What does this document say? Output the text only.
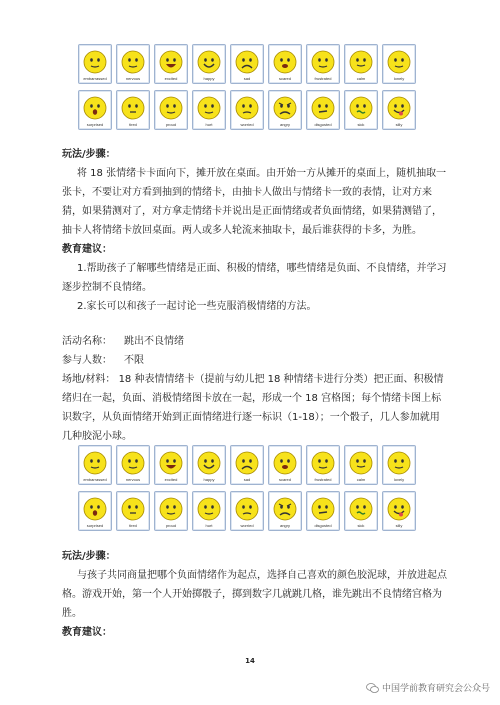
embarrassed	nervous	excited	happy	sad	scared	frustrated	calm	lonely
surprised	tired	proud	hurt	worried	angry	disgusted	sick	silly
玩法/步骤：
将 18 张情绪卡卡面向下，摊开放在桌面。由开始一方从摊开的桌面上，随机抽取一张卡，不要让对方看到抽到的情绪卡，由抽卡人做出与情绪卡一致的表情，让对方来猜，如果猜测对了，对方拿走情绪卡并说出是正面情绪或者负面情绪，如果猜测错了，抽卡人将情绪卡放回桌面。两人或多人轮流来抽取卡，最后谁获得的卡多，为胜。
教育建议：
1.帮助孩子了解哪些情绪是正面、积极的情绪，哪些情绪是负面、不良情绪，并学习逐步控制不良情绪。
2.家长可以和孩子一起讨论一些克服消极情绪的方法。
活动名称：	跳出不良情绪
参与人数：	不限
场地/材料： 18 种表情情绪卡（提前与幼儿把 18 种情绪卡进行分类）把正面、积极情绪归在一起，负面、消极情绪图卡放在一起，形成一个 18 宫格图；每个情绪卡图上标识数字，从负面情绪开始到正面情绪进行逐一标识（1-18）；一个骰子，几人参加就用几种胶泥小球。
embarrassed	nervous	excited	happy	sad	scared	frustrated	calm	lovely
surprised	tired	proud	hurt	worried	angry	disgusted	sick	silly
玩法/步骤：
与孩子共同商量把哪个负面情绪作为起点，选择自己喜欢的颜色胶泥球，并放进起点格。游戏开始，第一个人开始掷骰子，掷到数字几就跳几格，谁先跳出不良情绪宫格为胜。
教育建议：
14
中国学前教育研究会公众号
